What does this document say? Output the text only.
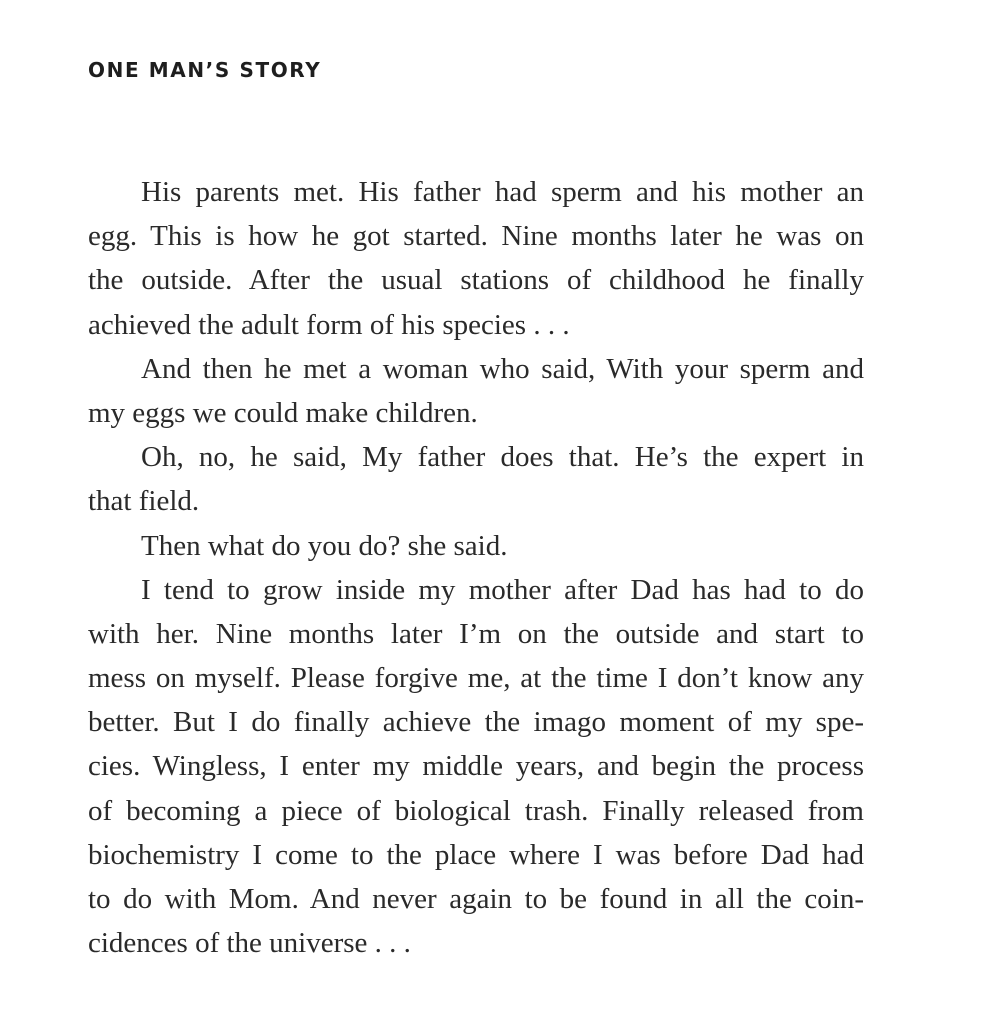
ONE MAN’S STORY
His parents met. His father had sperm and his mother an
egg. This is how he got started. Nine months later he was on
the outside. After the usual stations of childhood he finally
achieved the adult form of his species . . .
And then he met a woman who said, With your sperm and
my eggs we could make children.
Oh, no, he said, My father does that. He’s the expert in
that field.
Then what do you do? she said.
I tend to grow inside my mother after Dad has had to do
with her. Nine months later I’m on the outside and start to
mess on myself. Please forgive me, at the time I don’t know any
better. But I do finally achieve the imago moment of my spe-
cies. Wingless, I enter my middle years, and begin the process
of becoming a piece of biological trash. Finally released from
biochemistry I come to the place where I was before Dad had
to do with Mom. And never again to be found in all the coin-
cidences of the universe . . .
